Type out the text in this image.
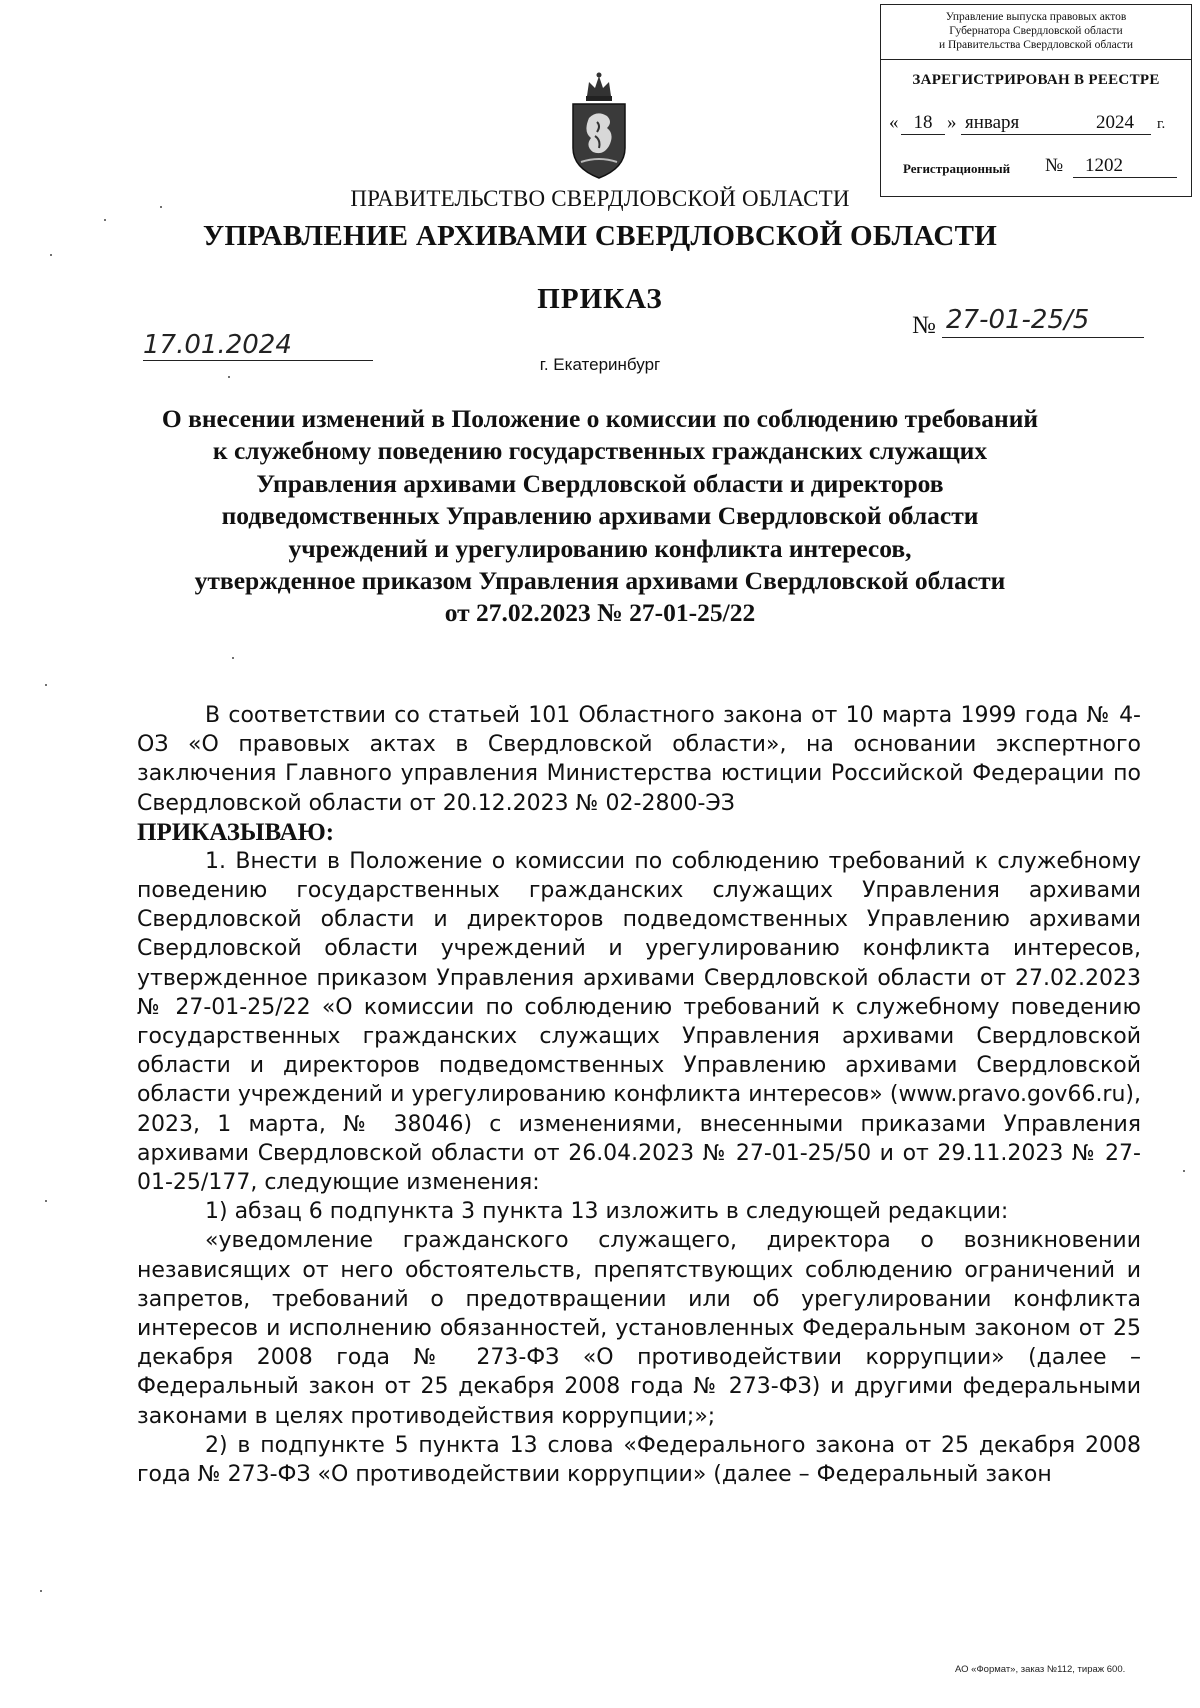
Управление выпуска правовых актов
Губернатора Свердловской области
и Правительства Свердловской области
ЗАРЕГИСТРИРОВАН В РЕЕСТРЕ
« 18 » января	2024	г.
Регистрационный №	1202
ПРАВИТЕЛЬСТВО СВЕРДЛОВСКОЙ ОБЛАСТИ
УПРАВЛЕНИЕ АРХИВАМИ СВЕРДЛОВСКОЙ ОБЛАСТИ
ПРИКАЗ
17.01.2024
№ 27-01-25/5
г. Екатеринбург
О внесении изменений в Положение о комиссии по соблюдению требований
к служебному поведению государственных гражданских служащих
Управления архивами Свердловской области и директоров
подведомственных Управлению архивами Свердловской области
учреждений и урегулированию конфликта интересов,
утвержденное приказом Управления архивами Свердловской области
от 27.02.2023 № 27-01-25/22
В соответствии со статьей 101 Областного закона от 10 марта 1999 года № 4-ОЗ «О правовых актах в Свердловской области», на основании экспертного заключения Главного управления Министерства юстиции Российской Федерации по Свердловской области от 20.12.2023 № 02-2800-ЭЗ
ПРИКАЗЫВАЮ:
1. Внести в Положение о комиссии по соблюдению требований к служебному поведению государственных гражданских служащих Управления архивами Свердловской области и директоров подведомственных Управлению архивами Свердловской области учреждений и урегулированию конфликта интересов, утвержденное приказом Управления архивами Свердловской области от 27.02.2023 № 27-01-25/22 «О комиссии по соблюдению требований к служебному поведению государственных гражданских служащих Управления архивами Свердловской области и директоров подведомственных Управлению архивами Свердловской области учреждений и урегулированию конфликта интересов» (www.pravo.gov66.ru), 2023, 1 марта, № 38046) с изменениями, внесенными приказами Управления архивами Свердловской области от 26.04.2023 № 27-01-25/50 и от 29.11.2023 № 27-01-25/177, следующие изменения:
1) абзац 6 подпункта 3 пункта 13 изложить в следующей редакции:
«уведомление гражданского служащего, директора о возникновении независящих от него обстоятельств, препятствующих соблюдению ограничений и запретов, требований о предотвращении или об урегулировании конфликта интересов и исполнению обязанностей, установленных Федеральным законом от 25 декабря 2008 года № 273-ФЗ «О противодействии коррупции» (далее – Федеральный закон от 25 декабря 2008 года № 273-ФЗ) и другими федеральными законами в целях противодействия коррупции;»;
2) в подпункте 5 пункта 13 слова «Федерального закона от 25 декабря 2008 года № 273-ФЗ «О противодействии коррупции» (далее – Федеральный закон
АО «Формат», заказ №112, тираж 600.
